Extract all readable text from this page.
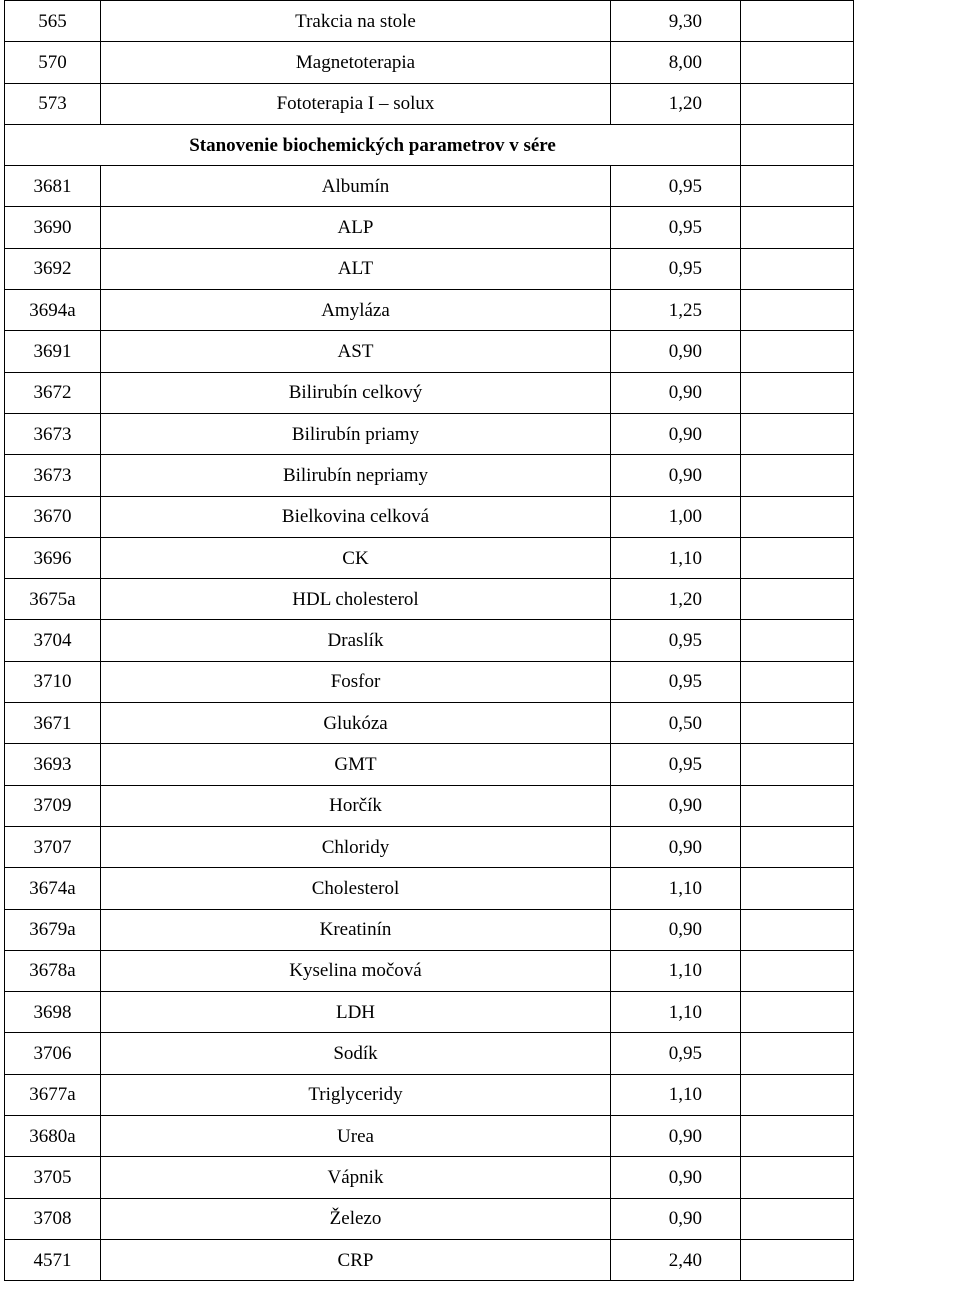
565	Trakcia na stole	9,30	
570	Magnetoterapia	8,00	
573	Fototerapia I – solux	1,20	
Stanovenie biochemických parametrov v sére			
3681	Albumín	0,95	
3690	ALP	0,95	
3692	ALT	0,95	
3694a	Amyláza	1,25	
3691	AST	0,90	
3672	Bilirubín celkový	0,90	
3673	Bilirubín priamy	0,90	
3673	Bilirubín nepriamy	0,90	
3670	Bielkovina celková	1,00	
3696	CK	1,10	
3675a	HDL cholesterol	1,20	
3704	Draslík	0,95	
3710	Fosfor	0,95	
3671	Glukóza	0,50	
3693	GMT	0,95	
3709	Horčík	0,90	
3707	Chloridy	0,90	
3674a	Cholesterol	1,10	
3679a	Kreatinín	0,90	
3678a	Kyselina močová	1,10	
3698	LDH	1,10	
3706	Sodík	0,95	
3677a	Triglyceridy	1,10	
3680a	Urea	0,90	
3705	Vápnik	0,90	
3708	Železo	0,90	
4571	CRP	2,40	
